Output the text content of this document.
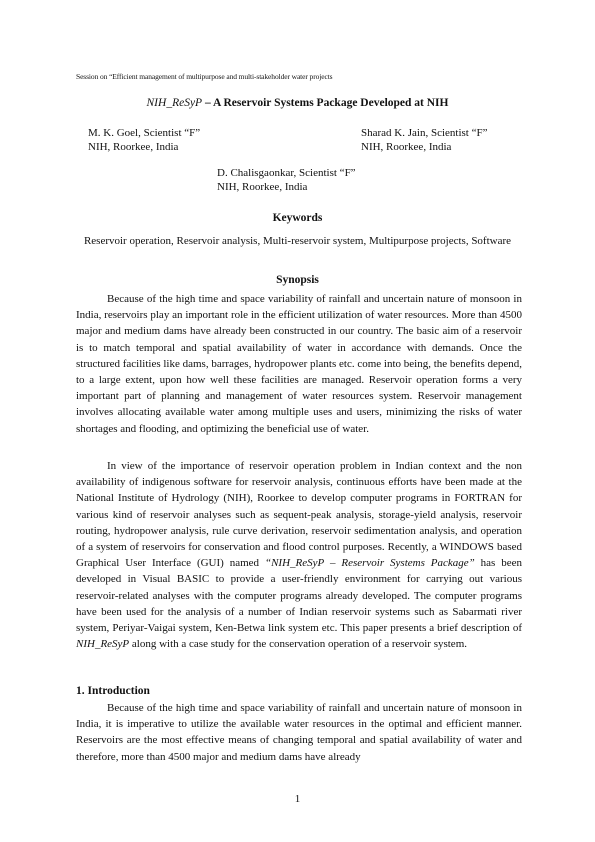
Session on “Efficient management of multipurpose and multi-stakeholder water projects
NIH_ReSyP – A Reservoir Systems Package Developed at NIH
M. K. Goel, Scientist “F”
NIH, Roorkee, India
Sharad K. Jain, Scientist “F”
NIH, Roorkee, India
D. Chalisgaonkar, Scientist “F”
NIH, Roorkee, India
Keywords
Reservoir operation, Reservoir analysis, Multi-reservoir system, Multipurpose projects, Software
Synopsis

Because of the high time and space variability of rainfall and uncertain nature of monsoon in India, reservoirs play an important role in the efficient utilization of water resources. More than 4500 major and medium dams have already been constructed in our country. The basic aim of a reservoir is to match temporal and spatial availability of water in accordance with demands. Once the structured facilities like dams, barrages, hydropower plants etc. come into being, the benefits depend, to a large extent, upon how well these facilities are managed. Reservoir operation forms a very important part of planning and management of water resources system. Reservoir management involves allocating available water among multiple uses and users, minimizing the risks of water shortages and flooding, and optimizing the beneficial use of water.

In view of the importance of reservoir operation problem in Indian context and the non availability of indigenous software for reservoir analysis, continuous efforts have been made at the National Institute of Hydrology (NIH), Roorkee to develop computer programs in FORTRAN for various kind of reservoir analyses such as sequent-peak analysis, storage-yield analysis, reservoir routing, hydropower analysis, rule curve derivation, reservoir sedimentation analysis, and operation of a system of reservoirs for conservation and flood control purposes. Recently, a WINDOWS based Graphical User Interface (GUI) named “NIH_ReSyP – Reservoir Systems Package” has been developed in Visual BASIC to provide a user-friendly environment for carrying out various reservoir-related analyses with the computer programs already developed. The computer programs have been used for the analysis of a number of Indian reservoir systems such as Sabarmati river system, Periyar-Vaigai system, Ken-Betwa link system etc. This paper presents a brief description of NIH_ReSyP along with a case study for the conservation operation of a reservoir system.

1. Introduction

Because of the high time and space variability of rainfall and uncertain nature of monsoon in India, it is imperative to utilize the available water resources in the optimal and efficient manner. Reservoirs are the most effective means of changing temporal and spatial availability of water and therefore, more than 4500 major and medium dams have already

1
